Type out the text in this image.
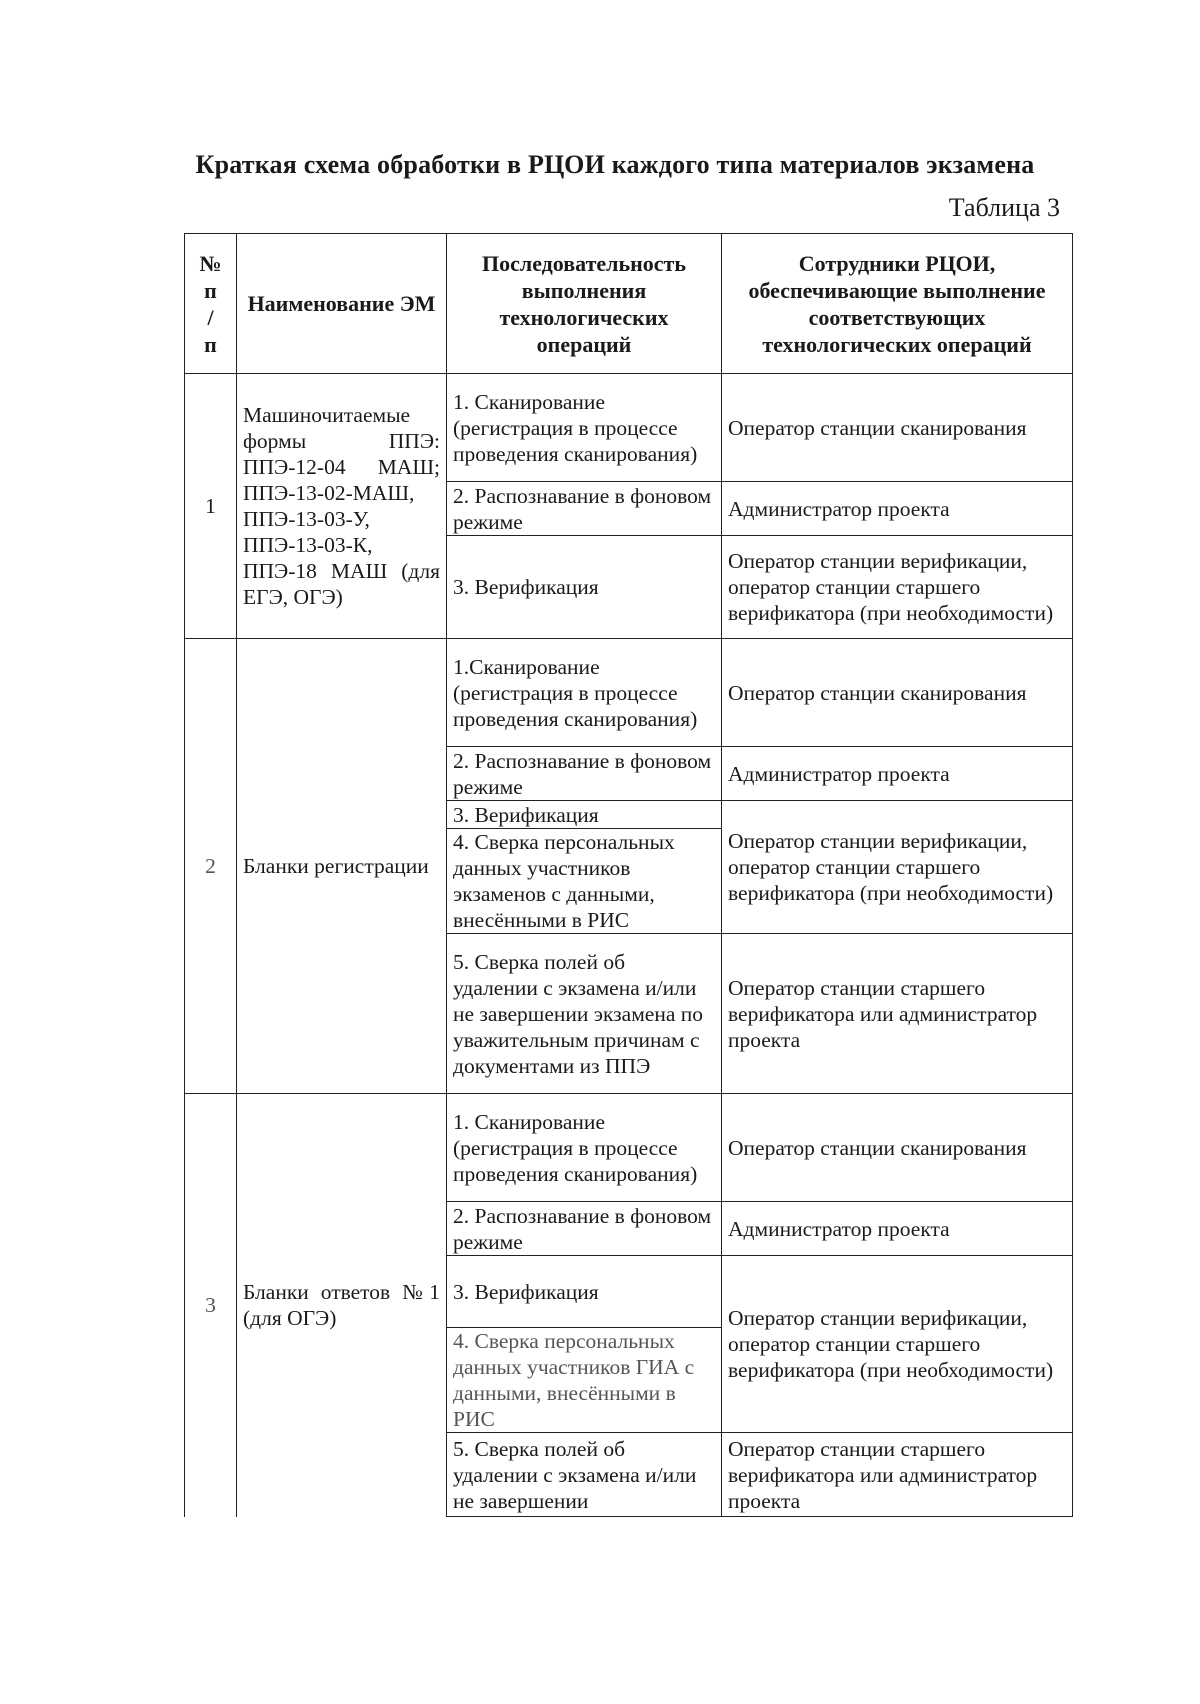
Краткая схема обработки в РЦОИ каждого типа материалов экзамена
Таблица 3
№ п / п	Наименование ЭМ	Последовательность выполнения технологических операций	Сотрудники РЦОИ, обеспечивающие выполнение соответствующих технологических операций
1	Машиночитаемые формы ППЭ: ППЭ-12-04 МАШ; ППЭ-13-02-МАШ, ППЭ-13-03-У, ППЭ-13-03-К, ППЭ-18 МАШ (для ЕГЭ, ОГЭ)	1. Сканирование (регистрация в процессе проведения сканирования)	Оператор станции сканирования
		2. Распознавание в фоновом режиме	Администратор проекта
		3. Верификация	Оператор станции верификации, оператор станции старшего верификатора (при необходимости)
2	Бланки регистрации	1.Сканирование (регистрация в процессе проведения сканирования)	Оператор станции сканирования
		2. Распознавание в фоновом режиме	Администратор проекта
		3. Верификация	Оператор станции верификации, оператор станции старшего верификатора (при необходимости)
		4. Сверка персональных данных участников экзаменов с данными, внесёнными в РИС	
		5. Сверка полей об удалении с экзамена и/или не завершении экзамена по уважительным причинам с документами из ППЭ	Оператор станции старшего верификатора или администратор проекта
3	Бланки ответов №1 (для ОГЭ)	1. Сканирование (регистрация в процессе проведения сканирования)	Оператор станции сканирования
		2. Распознавание в фоновом режиме	Администратор проекта
		3. Верификация	Оператор станции верификации, оператор станции старшего верификатора (при необходимости)
		4. Сверка персональных данных участников ГИА с данными, внесёнными в РИС	
		5. Сверка полей об удалении с экзамена и/или не завершении	Оператор станции старшего верификатора или администратор проекта
